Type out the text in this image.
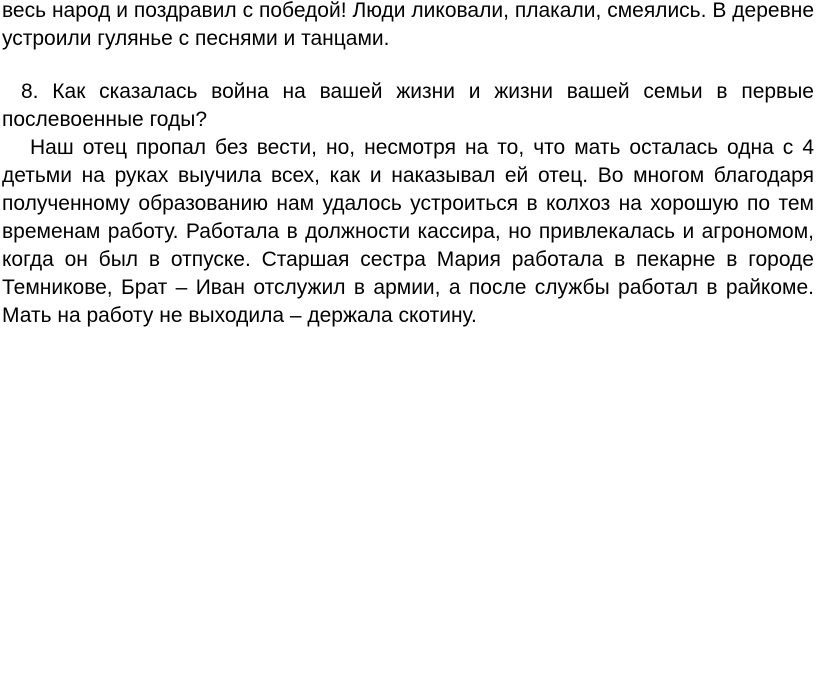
весь народ и поздравил с победой! Люди ликовали, плакали, смеялись. В деревне устроили гулянье с песнями и танцами.

8. Как сказалась война на вашей жизни и жизни вашей семьи в первые послевоенные годы?

Наш отец пропал без вести, но, несмотря на то, что мать осталась одна с 4 детьми на руках выучила всех, как и наказывал ей отец. Во многом благодаря полученному образованию нам удалось устроиться в колхоз на хорошую по тем временам работу. Работала в должности кассира, но привлекалась и агрономом, когда он был в отпуске. Старшая сестра Мария работала в пекарне в городе Темникове, Брат – Иван отслужил в армии, а после службы работал в райкоме. Мать на работу не выходила – держала скотину.
